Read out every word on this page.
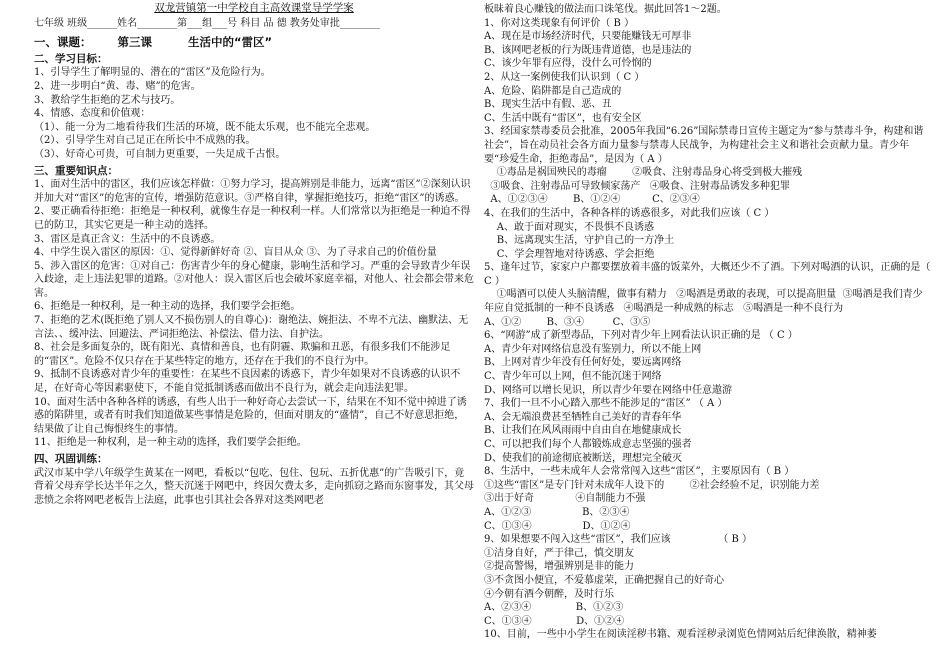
双龙营镇第一中学校自主高效课堂导学学案
七年级 班级______姓名________第___组___号 科目 品 德 教务处审批________
一、课题： 第三课	生活中的“雷区”
二、学习目标：
1、引导学生了解明显的、潜在的“雷区”及危险行为。
2、进一步明白“黄、毒、赌”的危害。
3、教给学生拒绝的艺术与技巧。
4、情感、态度和价值观：
（1）、能一分为二地看待我们生活的环境，既不能太乐观，也不能完全悲观。
（2）、引导学生对自己足正在所长中不成熟的我。
（3）、好奇心可贵，可自制力更重要，一失足成千古恨。
三、重要知识点：
1、面对生活中的雷区，我们应该怎样做：①努力学习，提高辨别是非能力，远离“雷区”②深刻认识并加大对“雷区”的危害的宣传，增强防范意识。③严格自律，掌握拒绝技巧，拒绝“雷区”的诱惑。
2、要正确看待拒绝：拒绝是一种权利，就像生存是一种权利一样。人们常常以为拒绝是一种迫不得已的防卫，其实它更是一种主动的选择。
3、雷区是真正含义：生活中的不良诱惑。
4、中学生误入雷区的原因：①、觉得新鲜好奇 ②、盲目从众 ③、为了寻求自己的价值份量
5、涉入雷区的危害：①对自己：伤害青少年的身心健康，影响生活和学习。严重的会导致青少年误入歧途，走上违法犯罪的道路。②对他人：误入雷区后也会破坏家庭幸福，对他人、社会都会带来危害。
6、拒绝是一种权利，是一种主动的选择，我们要学会拒绝。
7、拒绝的艺术(既拒绝了别人又不损伤别人的自尊心)：谢绝法、婉拒法、不卑不亢法、幽默法、无言法、、缓冲法、回避法、严词拒绝法、补偿法、借力法、自护法。
8、社会是多面复杂的，既有阳光、真情和善良，也有阴霾、欺骗和丑恶，有很多我们不能涉足的“雷区”。危险不仅只存在于某些特定的地方，还存在于我们的不良行为中。
9、抵制不良诱惑对青少年的重要性：在某些不良因素的诱惑下，青少年如果对不良诱惑的认识不足，在好奇心等因素驱使下，不能自觉抵制诱惑而做出不良行为，就会走向违法犯罪。
10、面对生活中各种各样的诱惑，有些人出于一种好奇心去尝试一下，结果在不知不觉中掉进了诱惑的陷阱里，或者有时我们知道做某些事情是危险的，但面对朋友的“盛情”，自己不好意思拒绝，结果做了让自己悔恨终生的事情。
11、拒绝是一种权利，是一种主动的选择，我们要学会拒绝。
四、巩固训练：
武汉市某中学八年级学生黄某在一网吧，看板以“包吃、包住、包玩、五折优惠”的广告吸引下，竟背着父母弃学长达半年之久，整天沉迷于网吧中，终因欠费太多，走向抓窃之路而东窗事发，其父母悲愤之余将网吧老板告上法庭，此事也引其社会各界对这类网吧老
板昧着良心赚钱的做法而口诛笔伐。据此回答1～2题。
1、你对这类现象有何评价（ B ）
A、现在是市场经济时代，只要能赚钱无可厚非
B、该网吧老板的行为既违背道德，也是违法的
C、该少年罪有应得，没什么可怜悯的
2、从这一案例使我们认识到（ C ）
A、危险、陷阱都是自己造成的
B、现实生活中有假、恶、丑
C、生活中既有“雷区”，也有安全区
3、经国家禁毒委员会批准，2005年我国“6.26”国际禁毒日宣传主题定为“参与禁毒斗争，构建和谐社会”，旨在动员社会各方面力量参与禁毒人民战争，为构建社会主义和谐社会贡献力量。青少年要“珍爱生命，拒绝毒品”，是因为（ A ）
①毒品是祸国殃民的毒瘤        ②吸食、注射毒品身心将受到极大摧残
③吸食、注射毒品可导致倾家荡产   ④吸食、注射毒品诱发多种犯罪
A、①②③④        B、①②④          C、②③④
4、在我们的生活中，各种各样的诱惑很多，对此我们应该（ C ）
A、敢于面对现实，不畏惧不良诱惑
B、远离现实生活，守护自己的一方净土
C、学会理智地对待诱惑、学会拒绝
5、逢年过节，家家户户都要摆放着丰盛的饭菜外，大概还少不了酒。下列对喝酒的认识，正确的是（ C ）
①喝酒可以使人头脑清醒，做事有精力   ②喝酒是勇敢的表现，可以提高胆量  ③喝酒是我们青少年应自觉抵制的一种不良诱惑   ④喝酒是一种成熟的标志   ⑤喝酒是一种不良行为
A、①②        B、③④         C、③⑤
6、“网游”成了新型毒品，下列对青少年上网看法认识正确的是 （ C ）
A、青少年对网络信息没有鉴别力，所以不能上网
B、上网对青少年没有任何好处，要远离网络
C、青少年可以上网，但不能沉迷于网络
D、网络可以增长见识，所以青少年要在网络中任意遨游
7、我们一旦不小心踏入那些不能涉足的“雷区” （ A ）
A、会无端浪费甚至牺牲自己美好的青春年华
B、让我们在风风雨雨中自由自在地健康成长
C、可以把我们每个人都锻炼成意志坚强的强者
D、使我们的前途彻底被断送，理想完全破灭
8、生活中，一些未成年人会常常闯入这些“雷区”，主要原因有（ B ）
①这些“雷区”是专门针对未成年人设下的        ②社会经验不足，识别能力差
③出于好奇             ④自制能力不强
A、①②③                B、②③④
C、①③④                D、①②④
9、如果想要不闯入这些“雷区”，我们应该               （ B ）
①洁身自好，严于律己，慎交朋友
②提高警惕，增强辨别是非的能力
③不贪图小便宜，不爱慕虚荣，正确把握自己的好奇心
④今朝有酒今朝醉，及时行乐
A、②③④              B、①②③
C、①③④              D、①②④
10、目前，一些中小学生在阅读淫秽书籍、观看淫秽录浏览色情网站后纪律涣散，精神萎
